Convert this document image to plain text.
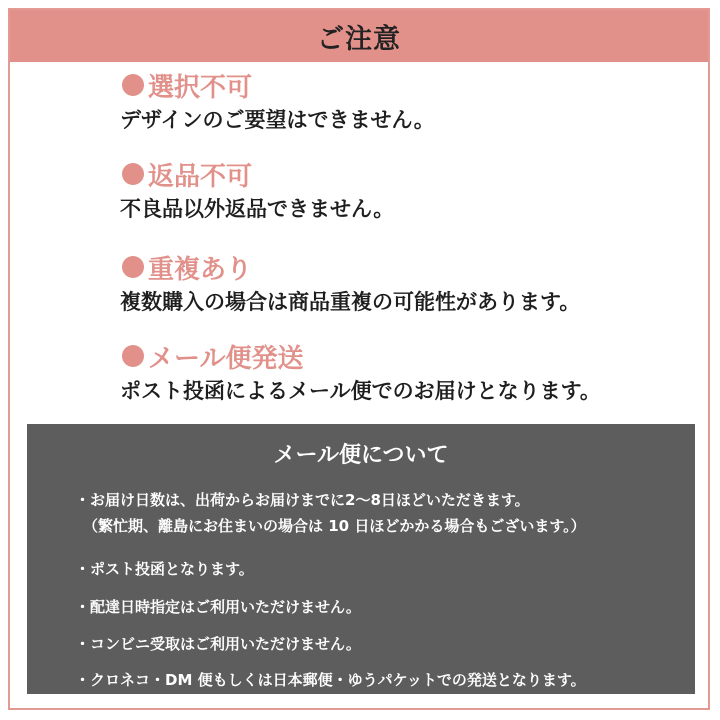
ご注意
選択不可
デザインのご要望はできません。
返品不可
不良品以外返品できません。
重複あり
複数購入の場合は商品重複の可能性があります。
メール便発送
ポスト投函によるメール便でのお届けとなります。
メール便について
・お届け日数は、出荷からお届けまでに2～8日ほどいただきます。
（繁忙期、離島にお住まいの場合は 10 日ほどかかる場合もございます。）
・ポスト投函となります。
・配達日時指定はご利用いただけません。
・コンビニ受取はご利用いただけません。
・クロネコ・DM 便もしくは日本郵便・ゆうパケットでの発送となります。
